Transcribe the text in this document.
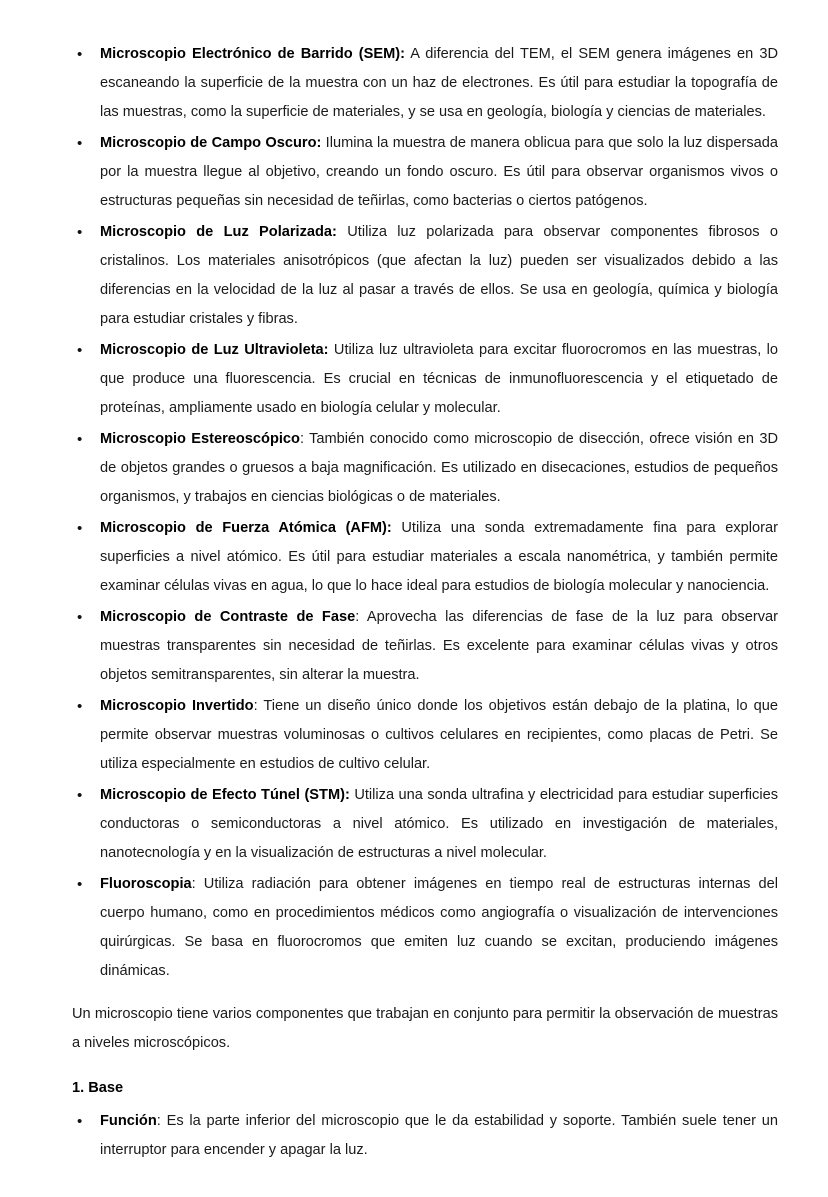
• Microscopio Electrónico de Barrido (SEM): A diferencia del TEM, el SEM genera imágenes en 3D escaneando la superficie de la muestra con un haz de electrones. Es útil para estudiar la topografía de las muestras, como la superficie de materiales, y se usa en geología, biología y ciencias de materiales.
• Microscopio de Campo Oscuro: Ilumina la muestra de manera oblicua para que solo la luz dispersada por la muestra llegue al objetivo, creando un fondo oscuro. Es útil para observar organismos vivos o estructuras pequeñas sin necesidad de teñirlas, como bacterias o ciertos patógenos.
• Microscopio de Luz Polarizada: Utiliza luz polarizada para observar componentes fibrosos o cristalinos. Los materiales anisotrópicos (que afectan la luz) pueden ser visualizados debido a las diferencias en la velocidad de la luz al pasar a través de ellos. Se usa en geología, química y biología para estudiar cristales y fibras.
• Microscopio de Luz Ultravioleta: Utiliza luz ultravioleta para excitar fluorocromos en las muestras, lo que produce una fluorescencia. Es crucial en técnicas de inmunofluorescencia y el etiquetado de proteínas, ampliamente usado en biología celular y molecular.
• Microscopio Estereoscópico: También conocido como microscopio de disección, ofrece visión en 3D de objetos grandes o gruesos a baja magnificación. Es utilizado en disecaciones, estudios de pequeños organismos, y trabajos en ciencias biológicas o de materiales.
• Microscopio de Fuerza Atómica (AFM): Utiliza una sonda extremadamente fina para explorar superficies a nivel atómico. Es útil para estudiar materiales a escala nanométrica, y también permite examinar células vivas en agua, lo que lo hace ideal para estudios de biología molecular y nanociencia.
• Microscopio de Contraste de Fase: Aprovecha las diferencias de fase de la luz para observar muestras transparentes sin necesidad de teñirlas. Es excelente para examinar células vivas y otros objetos semitransparentes, sin alterar la muestra.
• Microscopio Invertido: Tiene un diseño único donde los objetivos están debajo de la platina, lo que permite observar muestras voluminosas o cultivos celulares en recipientes, como placas de Petri. Se utiliza especialmente en estudios de cultivo celular.
• Microscopio de Efecto Túnel (STM): Utiliza una sonda ultrafina y electricidad para estudiar superficies conductoras o semiconductoras a nivel atómico. Es utilizado en investigación de materiales, nanotecnología y en la visualización de estructuras a nivel molecular.
• Fluoroscopia: Utiliza radiación para obtener imágenes en tiempo real de estructuras internas del cuerpo humano, como en procedimientos médicos como angiografía o visualización de intervenciones quirúrgicas. Se basa en fluorocromos que emiten luz cuando se excitan, produciendo imágenes dinámicas.

Un microscopio tiene varios componentes que trabajan en conjunto para permitir la observación de muestras a niveles microscópicos.

1. Base
• Función: Es la parte inferior del microscopio que le da estabilidad y soporte. También suele tener un interruptor para encender y apagar la luz.
